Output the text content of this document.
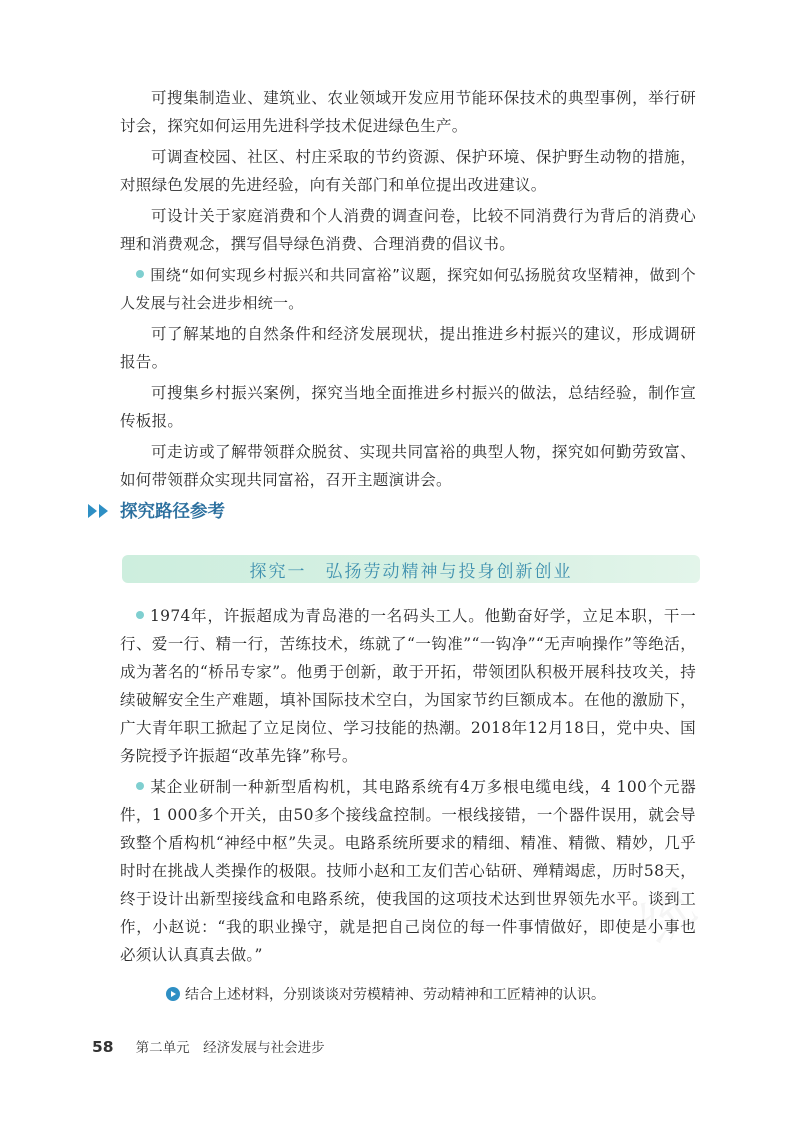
可搜集制造业、建筑业、农业领域开发应用节能环保技术的典型事例，举行研讨会，探究如何运用先进科学技术促进绿色生产。

可调查校园、社区、村庄采取的节约资源、保护环境、保护野生动物的措施，对照绿色发展的先进经验，向有关部门和单位提出改进建议。

可设计关于家庭消费和个人消费的调查问卷，比较不同消费行为背后的消费心理和消费观念，撰写倡导绿色消费、合理消费的倡议书。

围绕“如何实现乡村振兴和共同富裕”议题，探究如何弘扬脱贫攻坚精神，做到个人发展与社会进步相统一。

可了解某地的自然条件和经济发展现状，提出推进乡村振兴的建议，形成调研报告。

可搜集乡村振兴案例，探究当地全面推进乡村振兴的做法，总结经验，制作宣传板报。

可走访或了解带领群众脱贫、实现共同富裕的典型人物，探究如何勤劳致富、如何带领群众实现共同富裕，召开主题演讲会。

探究路径参考
探究一　弘扬劳动精神与投身创新创业

1974年，许振超成为青岛港的一名码头工人。他勤奋好学，立足本职，干一行、爱一行、精一行，苦练技术，练就了“一钩准”“一钩净”“无声响操作”等绝活，成为著名的“桥吊专家”。他勇于创新，敢于开拓，带领团队积极开展科技攻关，持续破解安全生产难题，填补国际技术空白，为国家节约巨额成本。在他的激励下，广大青年职工掀起了立足岗位、学习技能的热潮。2018年12月18日，党中央、国务院授予许振超“改革先锋”称号。

某企业研制一种新型盾构机，其电路系统有4万多根电缆电线，4 100个元器件，1 000多个开关，由50多个接线盒控制。一根线接错，一个器件误用，就会导致整个盾构机“神经中枢”失灵。电路系统所要求的精细、精准、精微、精妙，几乎时时在挑战人类操作的极限。技师小赵和工友们苦心钻研、殚精竭虑，历时58天，终于设计出新型接线盒和电路系统，使我国的这项技术达到世界领先水平。谈到工作，小赵说：“我的职业操守，就是把自己岗位的每一件事情做好，即使是小事也必须认认真真去做。”

结合上述材料，分别谈谈对劳模精神、劳动精神和工匠精神的认识。
58 第二单元　经济发展与社会进步
